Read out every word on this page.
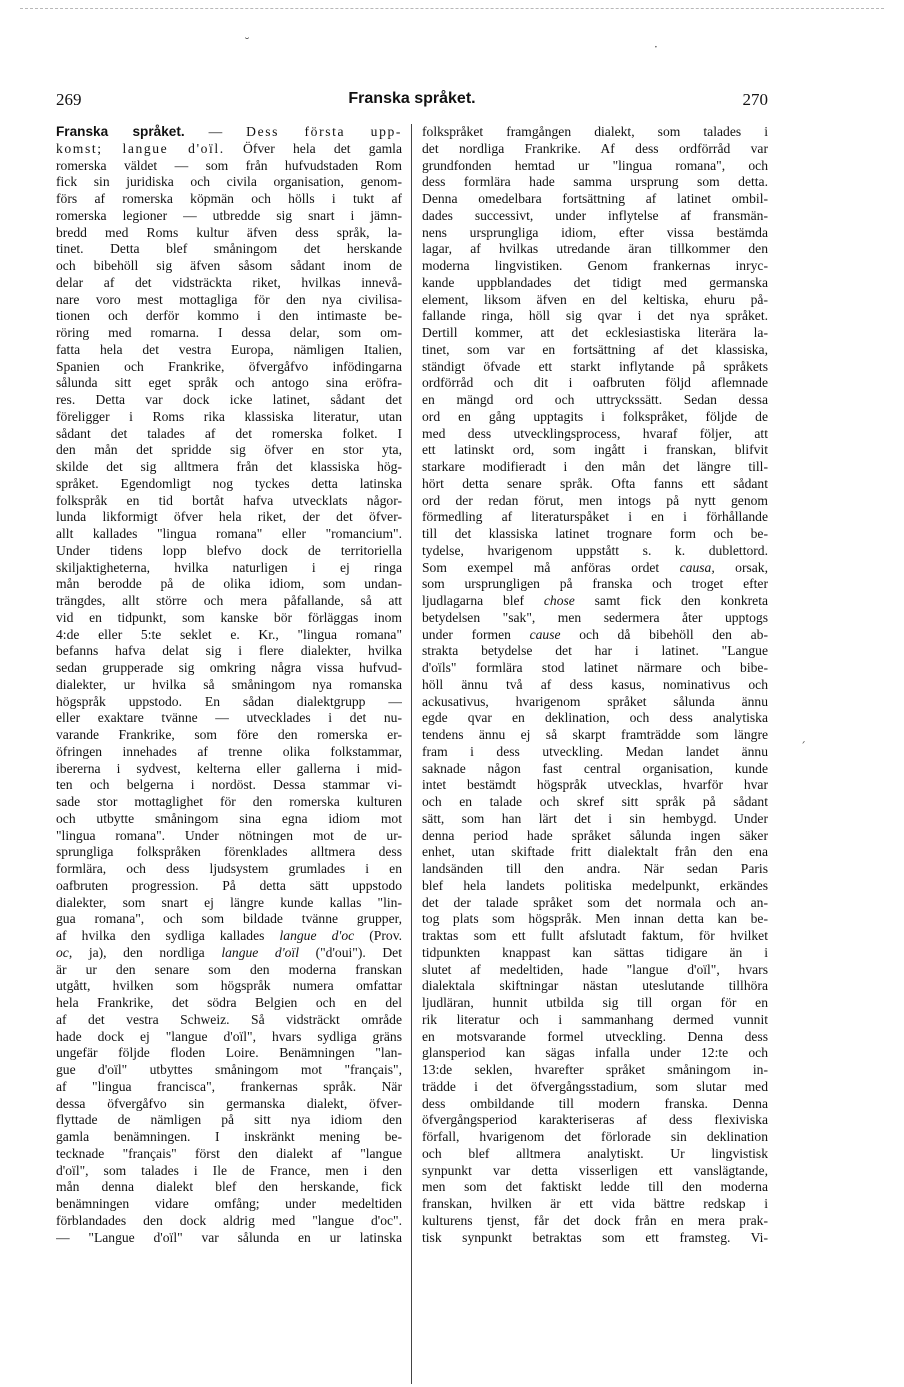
˘	·
ˊ
269	Franska språket.	270
Franska språket. — Dess första upp-
komst; langue d'oïl. Öfver hela det gamla
romerska väldet — som från hufvudstaden Rom
fick sin juridiska och civila organisation, genom-
förs af romerska köpmän och hölls i tukt af
romerska legioner — utbredde sig snart i jämn-
bredd med Roms kultur äfven dess språk, la-
tinet. Detta blef småningom det herskande
och bibehöll sig äfven såsom sådant inom de
delar af det vidsträckta riket, hvilkas innevå-
nare voro mest mottagliga för den nya civilisa-
tionen och derför kommo i den intimaste be-
röring med romarna. I dessa delar, som om-
fatta hela det vestra Europa, nämligen Italien,
Spanien och Frankrike, öfvergåfvo infödingarna
sålunda sitt eget språk och antogo sina eröfra-
res. Detta var dock icke latinet, sådant det
föreligger i Roms rika klassiska literatur, utan
sådant det talades af det romerska folket. I
den mån det spridde sig öfver en stor yta,
skilde det sig alltmera från det klassiska hög-
språket. Egendomligt nog tyckes detta latinska
folkspråk en tid bortåt hafva utvecklats någor-
lunda likformigt öfver hela riket, der det öfver-
allt kallades "lingua romana" eller "romancium".
Under tidens lopp blefvo dock de territoriella
skiljaktigheterna, hvilka naturligen i ej ringa
mån berodde på de olika idiom, som undan-
trängdes, allt större och mera påfallande, så att
vid en tidpunkt, som kanske bör förläggas inom
4:de eller 5:te seklet e. Kr., "lingua romana"
befanns hafva delat sig i flere dialekter, hvilka
sedan grupperade sig omkring några vissa hufvud-
dialekter, ur hvilka så småningom nya romanska
högspråk uppstodo. En sådan dialektgrupp —
eller exaktare tvänne — utvecklades i det nu-
varande Frankrike, som före den romerska er-
öfringen innehades af trenne olika folkstammar,
ibererna i sydvest, kelterna eller gallerna i mid-
ten och belgerna i nordöst. Dessa stammar vi-
sade stor mottaglighet för den romerska kulturen
och utbytte småningom sina egna idiom mot
"lingua romana". Under nötningen mot de ur-
sprungliga folkspråken förenklades alltmera dess
formlära, och dess ljudsystem grumlades i en
oafbruten progression. På detta sätt uppstodo
dialekter, som snart ej längre kunde kallas "lin-
gua romana", och som bildade tvänne grupper,
af hvilka den sydliga kallades langue d'oc (Prov.
oc, ja), den nordliga langue d'oïl ("d'oui"). Det
är ur den senare som den moderna franskan
utgått, hvilken som högspråk numera omfattar
hela Frankrike, det södra Belgien och en del
af det vestra Schweiz. Så vidsträckt område
hade dock ej "langue d'oïl", hvars sydliga gräns
ungefär följde floden Loire. Benämningen "lan-
gue d'oïl" utbyttes småningom mot "français",
af "lingua francisca", frankernas språk. När
dessa öfvergåfvo sin germanska dialekt, öfver-
flyttade de nämligen på sitt nya idiom den
gamla benämningen. I inskränkt mening be-
tecknade "français" först den dialekt af "langue
d'oïl", som talades i Ile de France, men i den
mån denna dialekt blef den herskande, fick
benämningen vidare omfång; under medeltiden
förblandades den dock aldrig med "langue d'oc".
— "Langue d'oïl" var sålunda en ur latinska
folkspråket framgången dialekt, som talades i
det nordliga Frankrike. Af dess ordförråd var
grundfonden hemtad ur "lingua romana", och
dess formlära hade samma ursprung som detta.
Denna omedelbara fortsättning af latinet ombil-
dades successivt, under inflytelse af fransmän-
nens ursprungliga idiom, efter vissa bestämda
lagar, af hvilkas utredande äran tillkommer den
moderna lingvistiken. Genom frankernas inryc-
kande uppblandades det tidigt med germanska
element, liksom äfven en del keltiska, ehuru på-
fallande ringa, höll sig qvar i det nya språket.
Dertill kommer, att det ecklesiastiska literära la-
tinet, som var en fortsättning af det klassiska,
ständigt öfvade ett starkt inflytande på språkets
ordförråd och dit i oafbruten följd aflemnade
en mängd ord och uttryckssätt. Sedan dessa
ord en gång upptagits i folkspråket, följde de
med dess utvecklingsprocess, hvaraf följer, att
ett latinskt ord, som ingått i franskan, blifvit
starkare modifieradt i den mån det längre till-
hört detta senare språk. Ofta fanns ett sådant
ord der redan förut, men intogs på nytt genom
förmedling af literaturspåket i en i förhållande
till det klassiska latinet trognare form och be-
tydelse, hvarigenom uppstått s. k. dublettord.
Som exempel må anföras ordet causa, orsak,
som ursprungligen på franska och troget efter
ljudlagarna blef chose samt fick den konkreta
betydelsen "sak", men sedermera åter upptogs
under formen cause och då bibehöll den ab-
strakta betydelse det har i latinet. "Langue
d'oïls" formlära stod latinet närmare och bibe-
höll ännu två af dess kasus, nominativus och
ackusativus, hvarigenom språket sålunda ännu
egde qvar en deklination, och dess analytiska
tendens ännu ej så skarpt framträdde som längre
fram i dess utveckling. Medan landet ännu
saknade någon fast central organisation, kunde
intet bestämdt högspråk utvecklas, hvarför hvar
och en talade och skref sitt språk på sådant
sätt, som han lärt det i sin hembygd. Under
denna period hade språket sålunda ingen säker
enhet, utan skiftade fritt dialektalt från den ena
landsänden till den andra. När sedan Paris
blef hela landets politiska medelpunkt, erkändes
det der talade språket som det normala och an-
tog plats som högspråk. Men innan detta kan be-
traktas som ett fullt afslutadt faktum, för hvilket
tidpunkten knappast kan sättas tidigare än i
slutet af medeltiden, hade "langue d'oïl", hvars
dialektala skiftningar nästan uteslutande tillhöra
ljudläran, hunnit utbilda sig till organ för en
rik literatur och i sammanhang dermed vunnit
en motsvarande formel utveckling. Denna dess
glansperiod kan sägas infalla under 12:te och
13:de seklen, hvarefter språket småningom in-
trädde i det öfvergångsstadium, som slutar med
dess ombildande till modern franska. Denna
öfvergångsperiod karakteriseras af dess flexiviska
förfall, hvarigenom det förlorade sin deklination
och blef alltmera analytiskt. Ur lingvistisk
synpunkt var detta visserligen ett vanslägtande,
men som det faktiskt ledde till den moderna
franskan, hvilken är ett vida bättre redskap i
kulturens tjenst, får det dock från en mera prak-
tisk synpunkt betraktas som ett framsteg. Vi-
